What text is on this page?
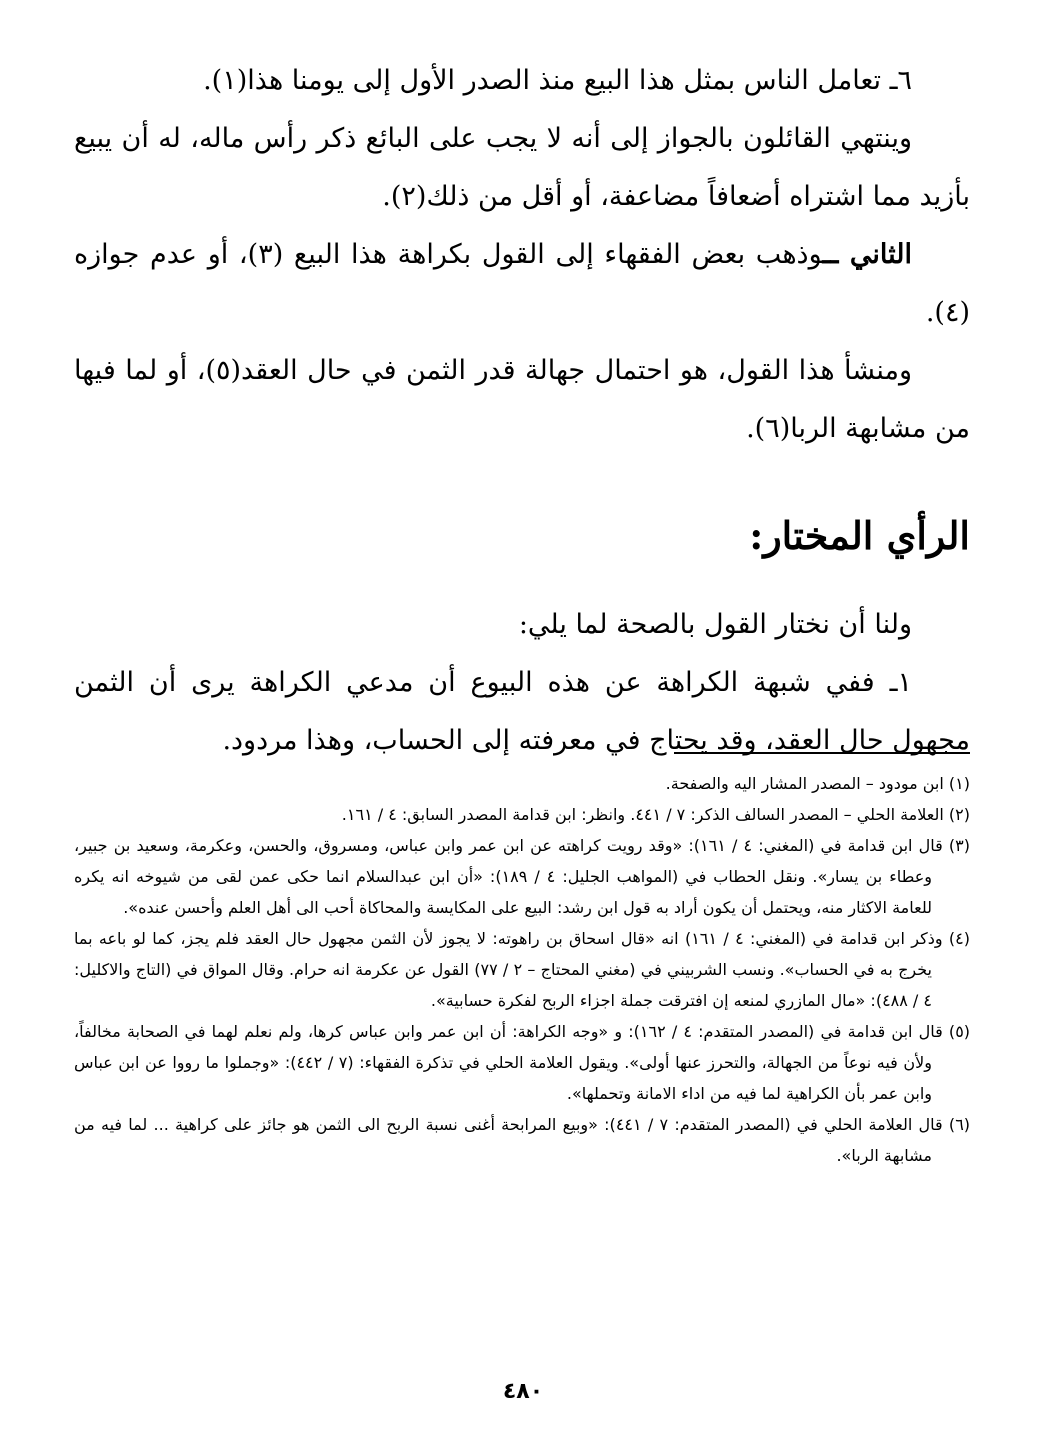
٦ـ تعامل الناس بمثل هذا البيع منذ الصدر الأول إلى يومنا هذا(١).

وينتهي القائلون بالجواز إلى أنه لا يجب على البائع ذكر رأس ماله، له أن يبيع بأزيد مما اشتراه أضعافاً مضاعفة، أو أقل من ذلك(٢).

الثاني ــوذهب بعض الفقهاء إلى القول بكراهة هذا البيع (٣)، أو عدم جوازه (٤).

ومنشأ هذا القول، هو احتمال جهالة قدر الثمن في حال العقد(٥)، أو لما فيها من مشابهة الربا(٦).

الرأي المختار:

ولنا أن نختار القول بالصحة لما يلي:

١ـ ففي شبهة الكراهة عن هذه البيوع أن مدعي الكراهة يرى أن الثمن مجهول حال العقد، وقد يحتاج في معرفته إلى الحساب، وهذا مردود.

(١) ابن مودود – المصدر المشار اليه والصفحة.

(٢) العلامة الحلي – المصدر السالف الذكر: ٧ / ٤٤١. وانظر: ابن قدامة المصدر السابق: ٤ / ١٦١.

(٣) قال ابن قدامة في (المغني: ٤ / ١٦١): «وقد رويت كراهته عن ابن عمر وابن عباس، ومسروق، والحسن، وعكرمة، وسعيد بن جبير، وعطاء بن يسار». ونقل الحطاب في (المواهب الجليل: ٤ / ١٨٩): «أن ابن عبدالسلام انما حكى عمن لقى من شيوخه انه يكره للعامة الاكثار منه، ويحتمل أن يكون أراد به قول ابن رشد: البيع على المكايسة والمحاكاة أحب الى أهل العلم وأحسن عنده».

(٤) وذكر ابن قدامة في (المغني: ٤ / ١٦١) انه «قال اسحاق بن راهوته: لا يجوز لأن الثمن مجهول حال العقد فلم يجز، كما لو باعه بما يخرج به في الحساب». ونسب الشربيني في (مغني المحتاج – ٢ / ٧٧) القول عن عكرمة انه حرام. وقال المواق في (التاج والاكليل: ٤ / ٤٨٨): «مال المازري لمنعه إن افترقت جملة اجزاء الربح لفكرة حسابية».

(٥) قال ابن قدامة في (المصدر المتقدم: ٤ / ١٦٢): و «وجه الكراهة: أن ابن عمر وابن عباس كرها، ولم نعلم لهما في الصحابة مخالفاً، ولأن فيه نوعاً من الجهالة، والتحرز عنها أولى». ويقول العلامة الحلي في تذكرة الفقهاء: (٧ / ٤٤٢): «وجملوا ما رووا عن ابن عباس وابن عمر بأن الكراهية لما فيه من اداء الامانة وتحملها».

(٦) قال العلامة الحلي في (المصدر المتقدم: ٧ / ٤٤١): «وبيع المرابحة أغنى نسبة الربح الى الثمن هو جائز على كراهية ... لما فيه من مشابهة الربا».

٤٨٠
